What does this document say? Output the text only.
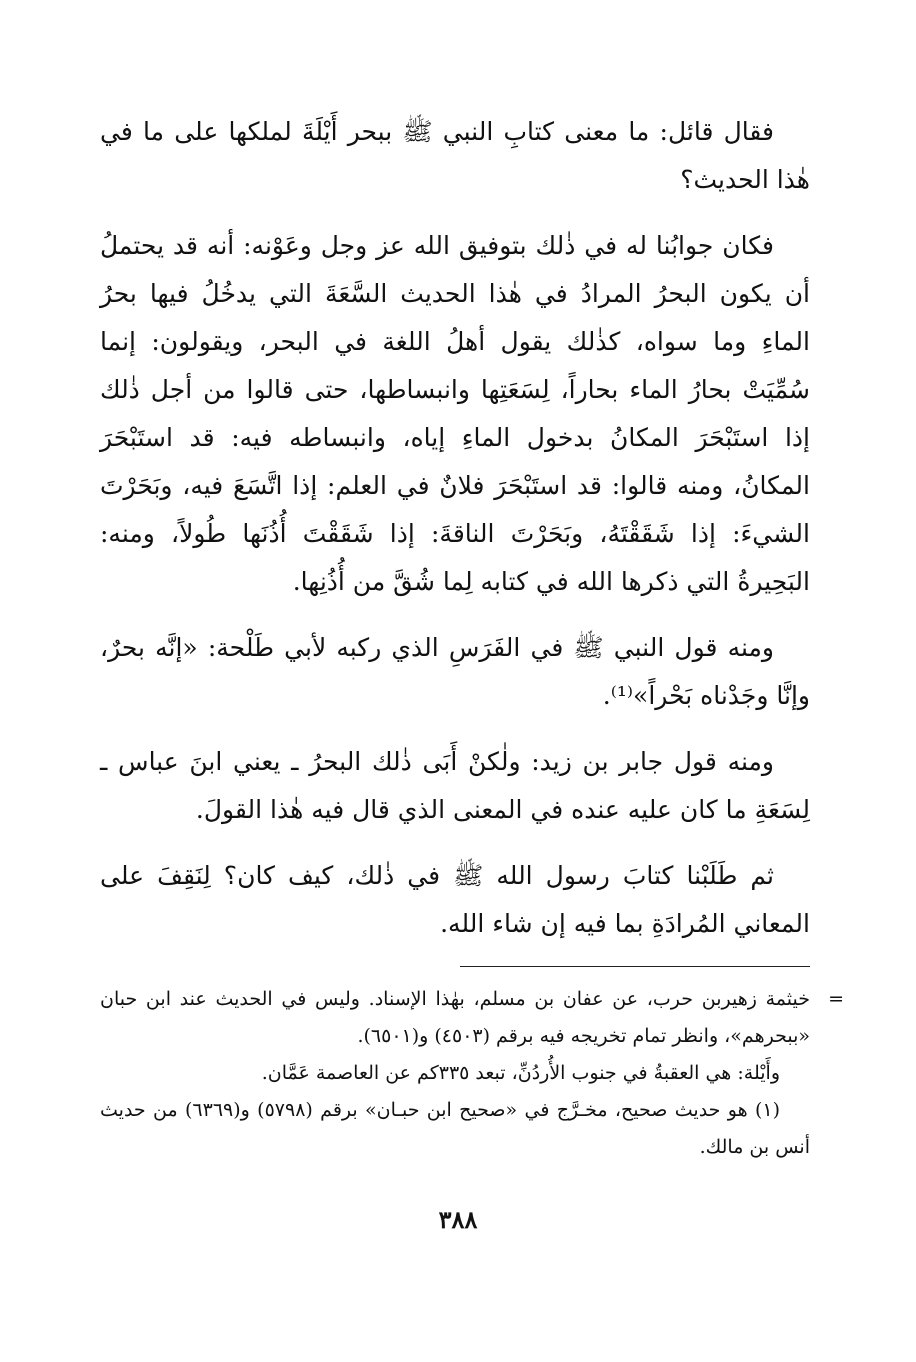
فقال قائل: ما معنى كتابِ النبي ﷺ ببحر أَيْلَةَ لملكها على ما في هٰذا الحديث؟

فكان جوابُنا له في ذٰلك بتوفيق الله عز وجل وعَوْنه: أنه قد يحتملُ أن يكون البحرُ المرادُ في هٰذا الحديث السَّعَةَ التي يدخُلُ فيها بحرُ الماءِ وما سواه، كذٰلك يقول أهلُ اللغة في البحر، ويقولون: إنما سُمِّيَتْ بحارُ الماء بحاراً، لِسَعَتِها وانبساطها، حتى قالوا من أجل ذٰلك إذا استَبْحَرَ المكانُ بدخول الماءِ إياه، وانبساطه فيه: قد استَبْحَرَ المكانُ، ومنه قالوا: قد استَبْحَرَ فلانٌ في العلم: إذا اتَّسَعَ فيه، وبَحَرْتَ الشيءَ: إذا شَقَقْتَهُ، وبَحَرْتَ الناقةَ: إذا شَقَقْتَ أُذُنَها طُولاً، ومنه: البَحِيرةُ التي ذكرها الله في كتابه لِما شُقَّ من أُذُنِها.

ومنه قول النبي ﷺ في الفَرَسِ الذي ركبه لأبي طَلْحة: «إنَّه بحرٌ، وإنَّا وجَدْناه بَحْراً»⁽¹⁾.

ومنه قول جابر بن زيد: ولٰكنْ أَبَى ذٰلك البحرُ ـ يعني ابنَ عباس ـ لِسَعَةِ ما كان عليه عنده في المعنى الذي قال فيه هٰذا القولَ.

ثم طَلَبْنا كتابَ رسول الله ﷺ في ذٰلك، كيف كان؟ لِنَقِفَ على المعاني المُرادَةِ بما فيه إن شاء الله.

=

خيثمة زهيربن حرب، عن عفان بن مسلم، بهٰذا الإسناد. وليس في الحديث عند ابن حبان «ببحرهم»، وانظر تمام تخريجه فيه برقم (٤٥٠٣) و(٦٥٠١).

وأَيْلة: هي العقبةُ في جنوب الأُردُنِّ، تبعد ٣٣٥كم عن العاصمة عَمَّان.

(١) هو حديث صحيح، مخـرَّج في «صحيح ابن حبـان» برقم (٥٧٩٨) و(٦٣٦٩) من حديث أنس بن مالك.

٣٨٨
